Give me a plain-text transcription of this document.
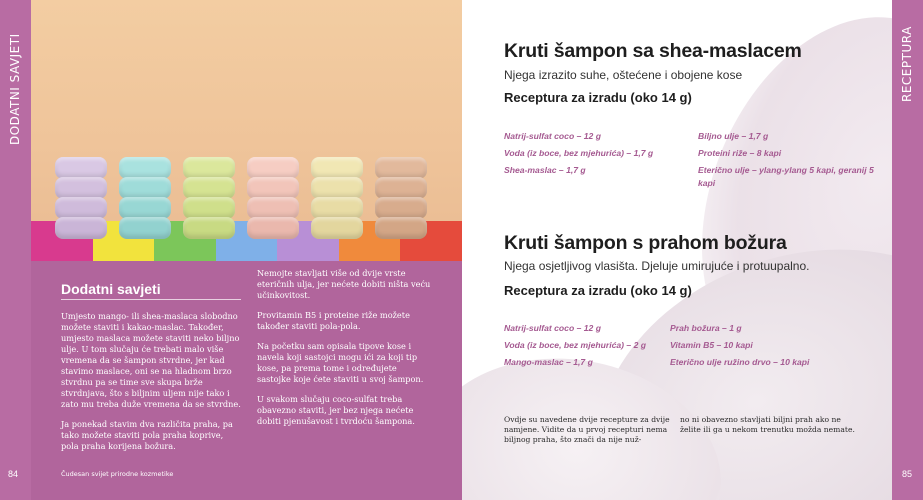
DODATNI SAVJETI
Dodatni savjeti

Umjesto mango- ili shea-maslaca slobodno možete staviti i kakao-maslac. Također, umjesto maslaca možete staviti neko biljno ulje. U tom slučaju će trebati malo više vremena da se šampon stvrdne, jer kad stavimo maslace, oni se na hladnom brzo stvrdnu pa se time sve skupa brže stvrdnjava, što s biljnim uljem nije tako i zato mu treba duže vremena da se stvrdne.

Ja ponekad stavim dva različita praha, pa tako možete staviti pola praha koprive, pola praha korijena božura.

Nemojte stavljati više od dvije vrste eteričnih ulja, jer nećete dobiti ništa veću učinkovitost.

Provitamin B5 i proteine riže možete također staviti pola-pola.

Na početku sam opisala tipove kose i navela koji sastojci mogu ići za koji tip kose, pa prema tome i određujete sastojke koje ćete staviti u svoj šampon.

U svakom slučaju coco-sulfat treba obavezno staviti, jer bez njega nećete dobiti pjenušavost i tvrdoću šampona.

84	Čudesan svijet prirodne kozmetike
RECEPTURA
85
Kruti šampon sa shea-maslacem
Njega izrazito suhe, oštećene i obojene kose
Receptura za izradu (oko 14 g)
Natrij-sulfat coco – 12 g
Voda (iz boce, bez mjehurića) – 1,7 g
Shea-maslac – 1,7 g
Biljno ulje – 1,7 g
Proteini riže – 8 kapi
Eterično ulje – ylang-ylang 5 kapi, geranij 5 kapi
Kruti šampon s prahom božura
Njega osjetljivog vlasišta. Djeluje umirujuće i protuupalno.
Receptura za izradu (oko 14 g)
Natrij-sulfat coco – 12 g
Voda (iz boce, bez mjehurića) – 2 g
Mango-maslac – 1,7 g
Prah božura – 1 g
Vitamin B5 – 10 kapi
Eterično ulje ružino drvo – 10 kapi
Ovdje su navedene dvije recepture za dvije namjene. Vidite da u prvoj recepturi nema biljnog praha, što znači da nije nuž-
no ni obavezno stavljati biljni prah ako ne želite ili ga u nekom trenutku možda nemate.
